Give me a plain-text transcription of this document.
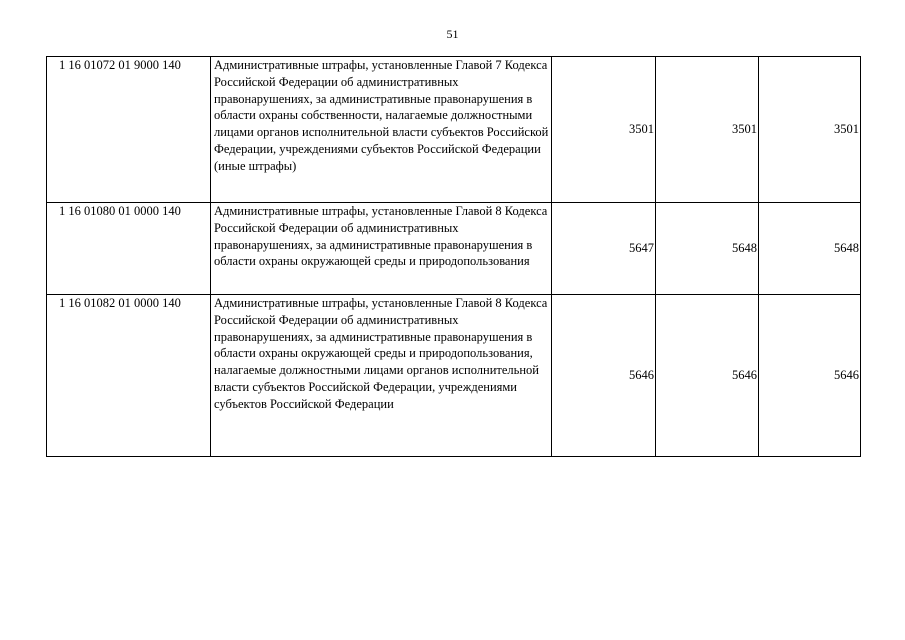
51
1 16 01072 01 9000 140	Административные штрафы, установленные Главой 7 Кодекса Российской Федерации об административных правонарушениях, за административные правонарушения в области охраны собственности, налагаемые должностными лицами органов исполнительной власти субъектов Российской Федерации, учреждениями субъектов Российской Федерации (иные штрафы)	3501	3501	3501
1 16 01080 01 0000 140	Административные штрафы, установленные Главой 8 Кодекса Российской Федерации об административных правонарушениях, за административные правонарушения в области охраны окружающей среды и природопользования	5647	5648	5648
1 16 01082 01 0000 140	Административные штрафы, установленные Главой 8 Кодекса Российской Федерации об административных правонарушениях, за административные правонарушения в области охраны окружающей среды и природопользования, налагаемые должностными лицами органов исполнительной власти субъектов Российской Федерации, учреждениями субъектов Российской Федерации	5646	5646	5646
